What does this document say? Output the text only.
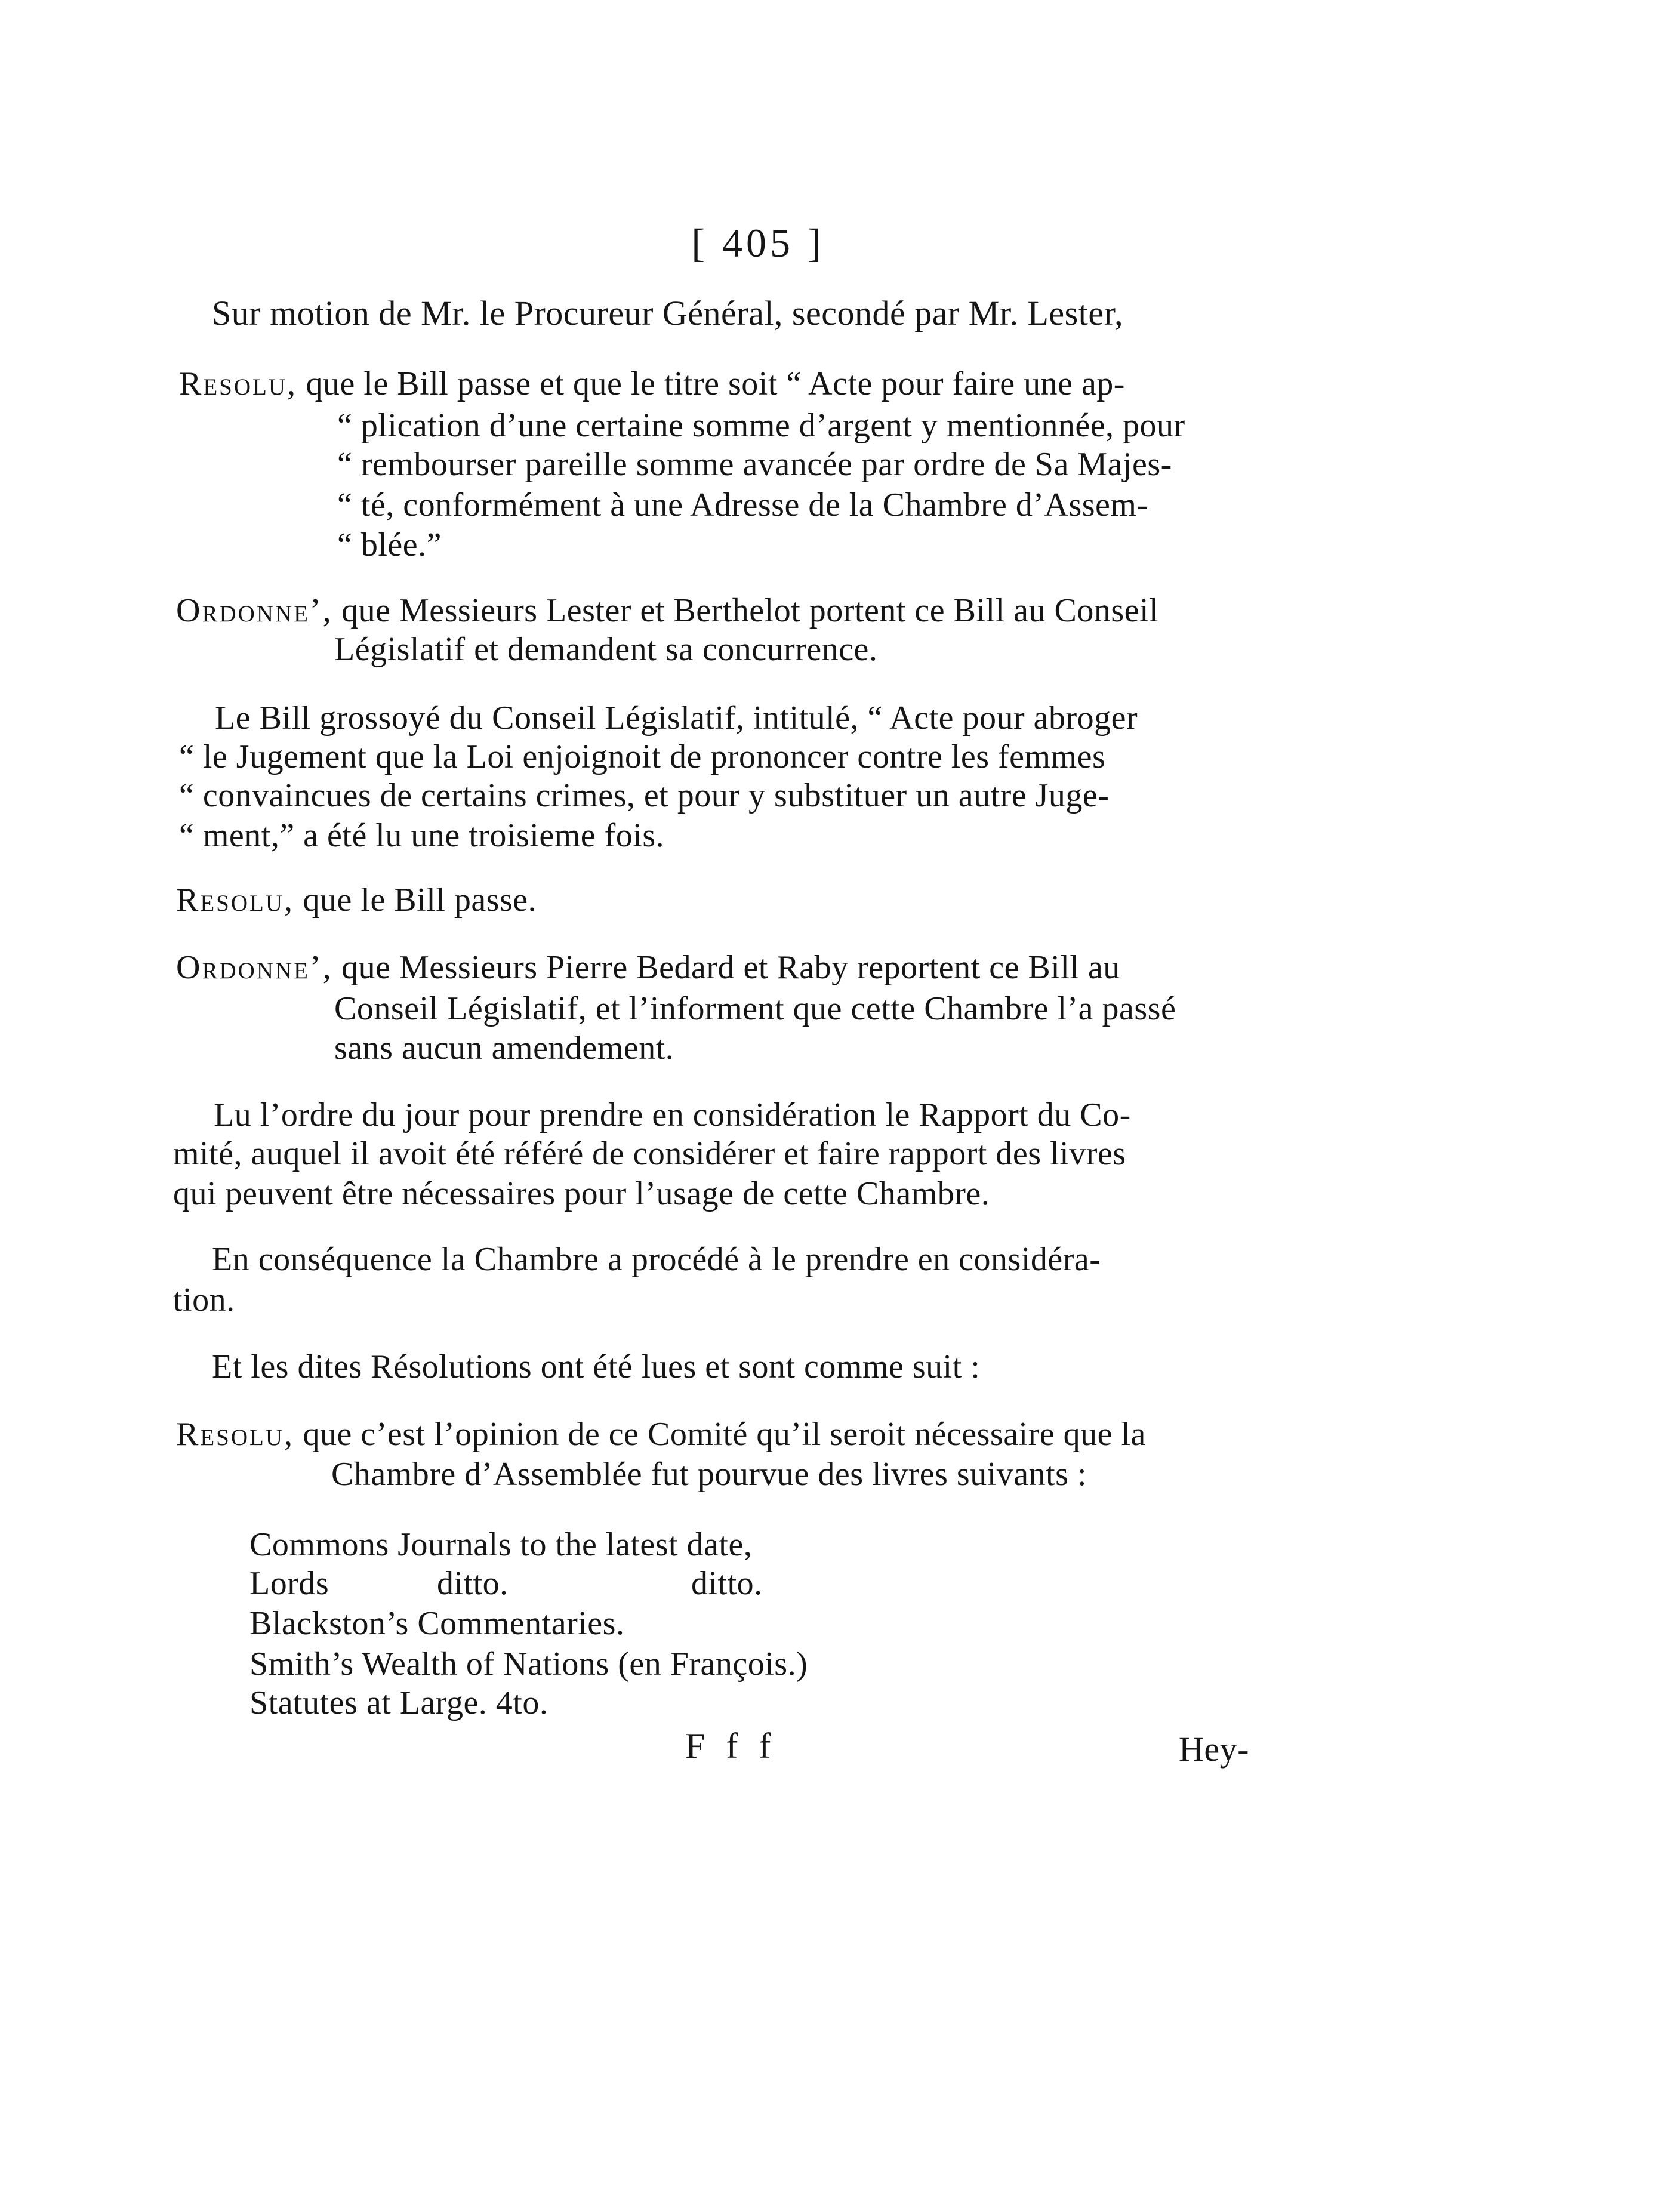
[ 405 ]
Sur motion de Mr. le Procureur Général, secondé par Mr. Lester,
Resolu, que le Bill passe et que le titre soit “ Acte pour faire une ap-
“ plication d’une certaine somme d’argent y mentionnée, pour
“ rembourser pareille somme avancée par ordre de Sa Majes-
“ té, conformément à une Adresse de la Chambre d’Assem-
“ blée.”
Ordonne’, que Messieurs Lester et Berthelot portent ce Bill au Conseil
Législatif et demandent sa concurrence.
Le Bill grossoyé du Conseil Législatif, intitulé, “ Acte pour abroger
“ le Jugement que la Loi enjoignoit de prononcer contre les femmes
“ convaincues de certains crimes, et pour y substituer un autre Juge-
“ ment,” a été lu une troisieme fois.
Resolu, que le Bill passe.
Ordonne’, que Messieurs Pierre Bedard et Raby reportent ce Bill au
Conseil Législatif, et l’informent que cette Chambre l’a passé
sans aucun amendement.
Lu l’ordre du jour pour prendre en considération le Rapport du Co-
mité, auquel il avoit été référé de considérer et faire rapport des livres
qui peuvent être nécessaires pour l’usage de cette Chambre.
En conséquence la Chambre a procédé à le prendre en considéra-
tion.
Et les dites Résolutions ont été lues et sont comme suit :
Resolu, que c’est l’opinion de ce Comité qu’il seroit nécessaire que la
Chambre d’Assemblée fut pourvue des livres suivants :
Commons Journals to the latest date,
Lords	ditto.	ditto.
Blackston’s Commentaries.
Smith’s Wealth of Nations (en François.)
Statutes at Large. 4to.
F f f	Hey-
